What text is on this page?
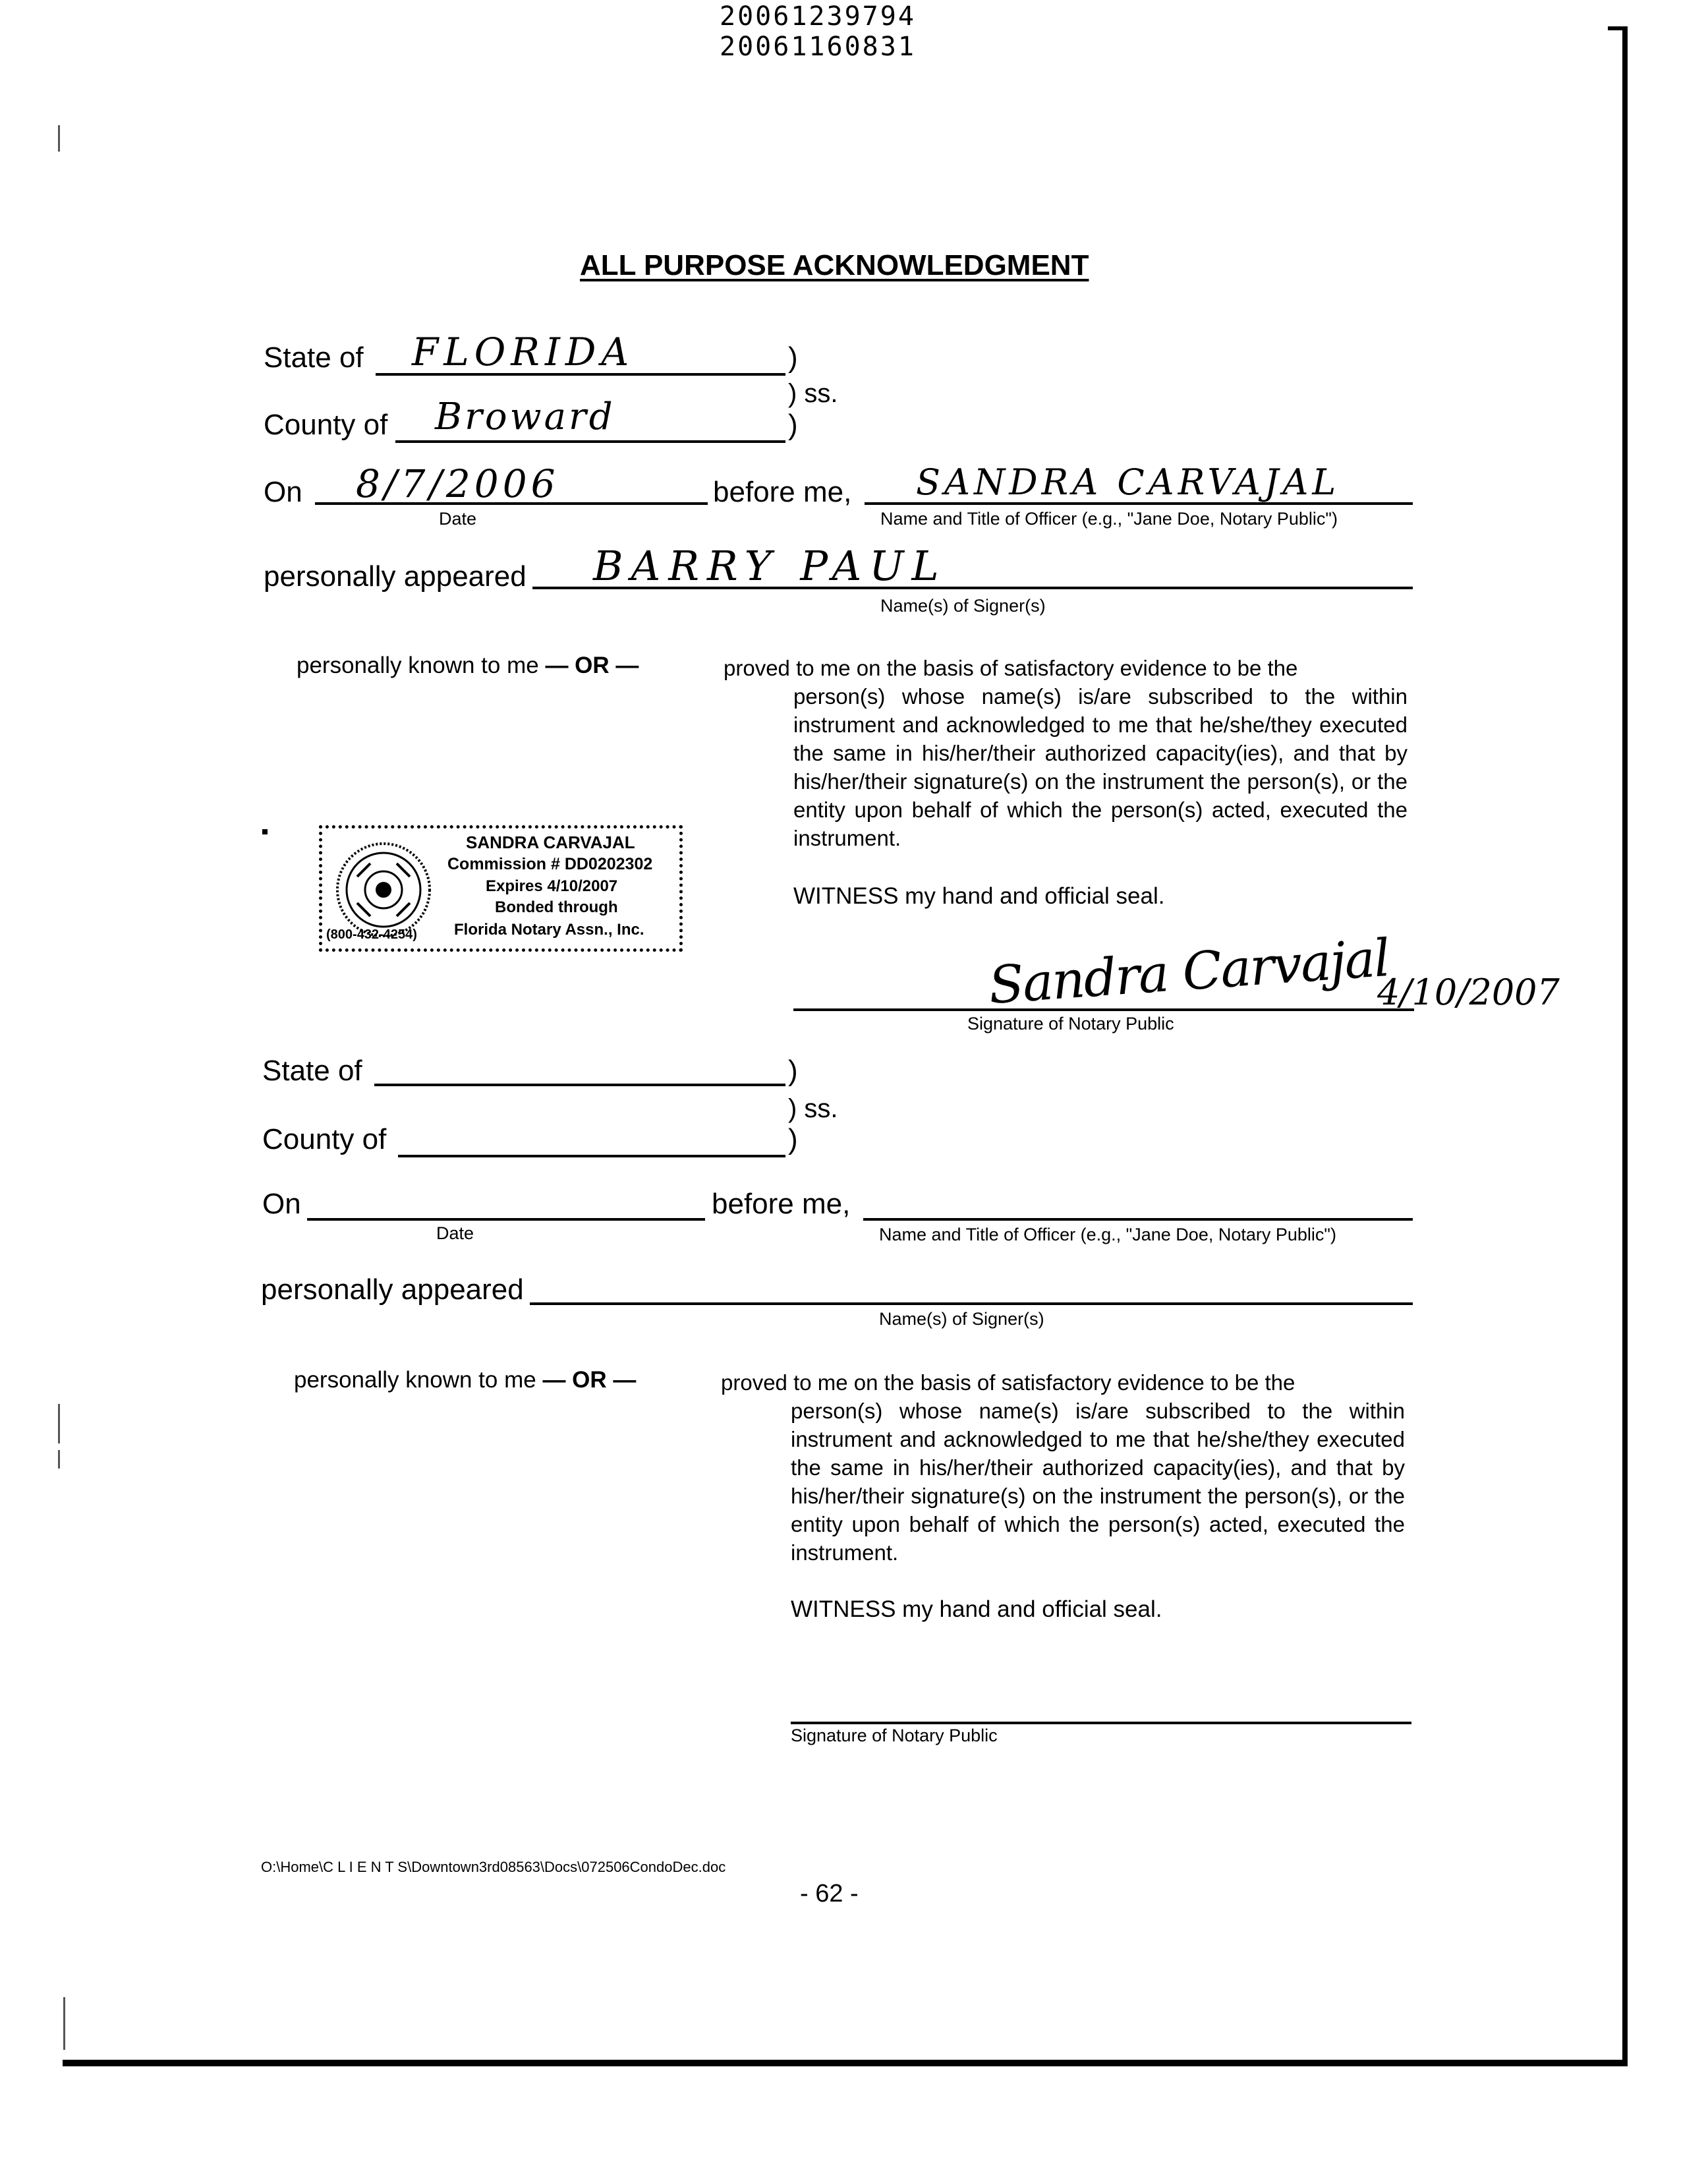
20061239794
20061160831
ALL PURPOSE ACKNOWLEDGMENT
State of FLORIDA	)
) ss.
County of Broward	)
On 8/7/2006
Date
before me, SANDRA CARVAJAL
Name and Title of Officer (e.g., "Jane Doe, Notary Public")
personally appeared BARRY PAUL
Name(s) of Signer(s)
personally known to me — OR —	proved to me on the basis of satisfactory evidence to be the
person(s) whose name(s) is/are subscribed to the within instrument and acknowledged to me that he/she/they executed the same in his/her/their authorized capacity(ies), and that by his/her/their signature(s) on the instrument the person(s), or the entity upon behalf of which the person(s) acted, executed the instrument.
SANDRA CARVAJAL
Commission # DD0202302
Expires 4/10/2007
Bonded through
Florida Notary Assn., Inc.
(800-432-4254)
WITNESS my hand and official seal.
Sandra Carvajal
4/10/2007
Signature of Notary Public
State of	)
) ss.
County of	)
On
Date
before me,
Name and Title of Officer (e.g., "Jane Doe, Notary Public")
personally appeared
Name(s) of Signer(s)
personally known to me — OR —	proved to me on the basis of satisfactory evidence to be the
person(s) whose name(s) is/are subscribed to the within instrument and acknowledged to me that he/she/they executed the same in his/her/their authorized capacity(ies), and that by his/her/their signature(s) on the instrument the person(s), or the entity upon behalf of which the person(s) acted, executed the instrument.
WITNESS my hand and official seal.
Signature of Notary Public
O:\Home\C L I E N T S\Downtown3rd08563\Docs\072506CondoDec.doc
- 62 -
